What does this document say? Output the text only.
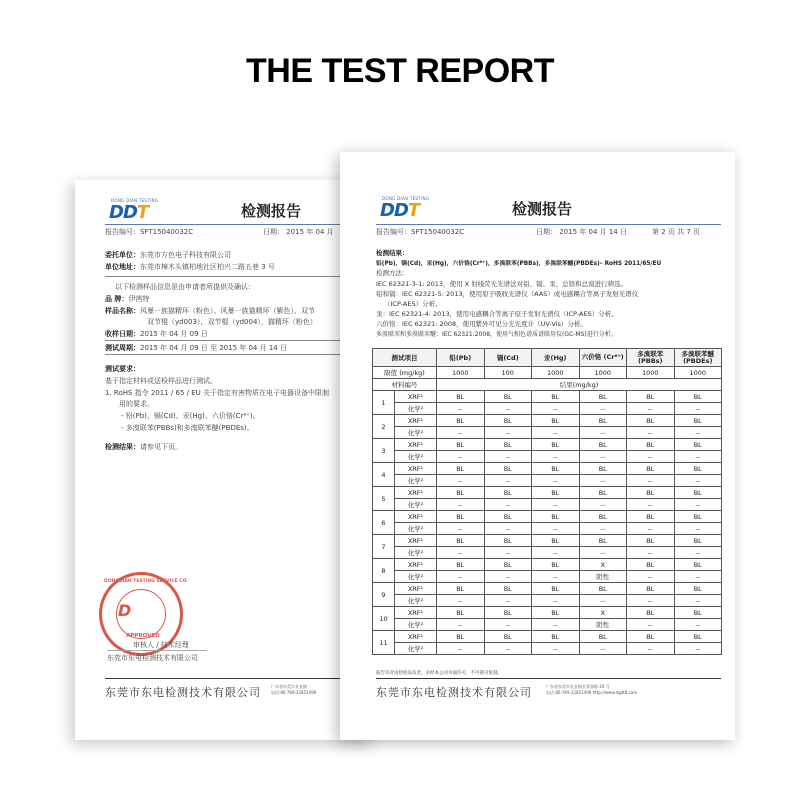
THE TEST REPORT
DDT
DONG DIAN TESTING
检测报告
报告编号：SFT15040032C	日期： 2015 年 04 月
委托单位：东莞市方色电子科技有限公司
单位地址：东莞市樟木头镇柏地社区柏兴二路五巷 3 号
以下检测样品信息是由申请者所提供及确认：
品 牌：伊茜特
样品名称：风暴一族猫精环（粉色）、风暴一族猫精环（紫色）、双节
双节棍（yd003），双节棍（yd004），猫精环（粉色）
收样日期：2015 年 04 月 09 日
测试周期：2015 年 04 月 09 日 至 2015 年 04 月 14 日
测试要求：
基于指定材料或送检样品进行测试。
1. RoHS 指令 2011 / 65 / EU 关于指定有害物质在电子电器设备中限制
用的要求。
- 铅(Pb)、镉(Cd)、汞(Hg)、六价铬(Cr⁶⁺)。
- 多溴联苯(PBBs)和多溴联苯醚(PBDEs)。
检测结果：请参见下页。
DONGDIAN TESTING SERVICE CO.
D
APPROVED
审核人 / 技术经理
东莞市东电检测技术有限公司
东莞市东电检测技术有限公司	广东省东莞市长安镇
电话:86-769-22851499
DDT
DONG DIAN TESTING
检测报告
报告编号：SFT15040032C	日期： 2015 年 04 月 14 日	第 2 页 共 7 页
检测结果：
铅(Pb)，镉(Cd)，汞(Hg)，六价铬(Cr⁶⁺)，多溴联苯(PBBs)，多溴联苯醚(PBDEs)– RoHS 2011/65/EU
检测方法：
IEC 62321-3-1: 2013，使用 X 射线荧光光谱法对铅、镉、汞、总铬和总溴进行筛选。
铅和镉：IEC 62321-5: 2013，使用原子吸收光谱仪（AAS）或电感耦合等离子发射光谱仪
（ICP-AES）分析。
汞：IEC 62321-4: 2013，使用电感耦合等离子原子发射光谱仪（ICP-AES）分析。
六价铬：IEC 62321: 2008，使用紫外可见分光光度计（UV-Vis）分析。
多溴联苯和多溴联苯醚：IEC 62321:2008，使用气相色谱质谱联用仪(GC-MS)进行分析。
测试项目		铅(Pb)	镉(Cd)	汞(Hg)	六价铬 (Cr⁶⁺)	多溴联苯 (PBBs)	多溴联苯醚 (PBDEs)
限值 (mg/kg)		1000	100	1000	1000	1000	1000
材料编号		结果(mg/kg)					
1	XRF¹	BL	BL	BL	BL	BL	BL
	化学²	--	--	--	--	--	--
2	XRF¹	BL	BL	BL	BL	BL	BL
	化学²	--	--	--	--	--	--
3	XRF¹	BL	BL	BL	BL	BL	BL
	化学²	--	--	--	--	--	--
4	XRF¹	BL	BL	BL	BL	BL	BL
	化学²	--	--	--	--	--	--
5	XRF¹	BL	BL	BL	BL	BL	BL
	化学²	--	--	--	--	--	--
6	XRF¹	BL	BL	BL	BL	BL	BL
	化学²	--	--	--	--	--	--
7	XRF¹	BL	BL	BL	BL	BL	BL
	化学²	--	--	--	--	--	--
8	XRF¹	BL	BL	BL	X	BL	BL
	化学²	--	--	--	阴性	--	--
9	XRF¹	BL	BL	BL	BL	BL	BL
	化学²	--	--	--	--	--	--
10	XRF¹	BL	BL	BL	X	BL	BL
	化学²	--	--	--	阴性	--	--
11	XRF¹	BL	BL	BL	BL	BL	BL
	化学²	--	--	--	--	--	--
报告仅对送检样品负责，未经本公司书面许可，不可部分复制。
东莞市东电检测技术有限公司	广东省东莞市长安镇长青南路 20 号
电话:86-769-22851499 http://www.dgdt8.com
